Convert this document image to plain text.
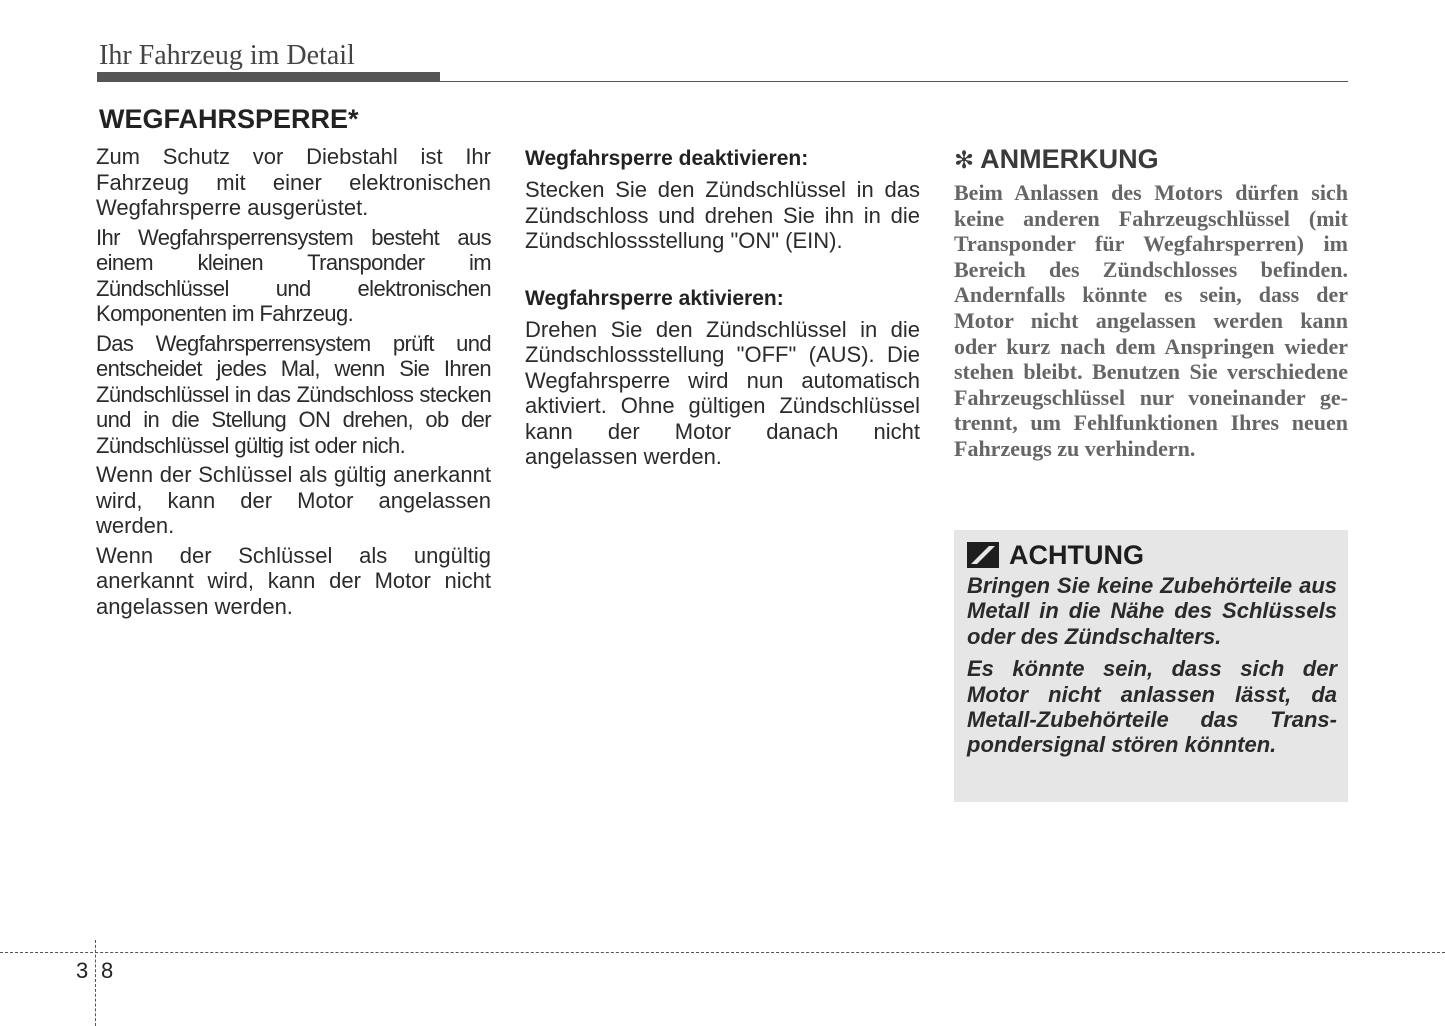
Ihr Fahrzeug im Detail
WEGFAHRSPERRE*

Zum Schutz vor Diebstahl ist Ihr Fahrzeug mit einer elektronischen Wegfahrsperre ausgerüstet.

Ihr Wegfahrsperrensystem besteht aus einem kleinen Transponder im Zündschlüssel und elektronischen Komponenten im Fahrzeug.

Das Wegfahrsperrensystem prüft und entscheidet jedes Mal, wenn Sie Ihren Zündschlüssel in das Zündschloss stecken und in die Stellung ON drehen, ob der Zündschlüssel gültig ist oder nich.

Wenn der Schlüssel als gültig anerkannt wird, kann der Motor angelassen werden.

Wenn der Schlüssel als ungültig anerkannt wird, kann der Motor nicht angelassen werden.

Wegfahrsperre deaktivieren:

Stecken Sie den Zündschlüssel in das Zündschloss und drehen Sie ihn in die Zündschlossstellung "ON" (EIN).

Wegfahrsperre aktivieren:

Drehen Sie den Zündschlüssel in die Zündschlossstellung "OFF" (AUS). Die Wegfahrsperre wird nun automatisch aktiviert. Ohne gültigen Zündschlüssel kann der Motor danach nicht angelassen werden.

✻ ANMERKUNG

Beim Anlassen des Motors dürfen sich keine anderen Fahrzeugschlüssel (mit Transponder für Wegfahrsperren) im Bereich des Zündschlosses befinden. Andernfalls könnte es sein, dass der Motor nicht angelassen werden kann oder kurz nach dem Anspringen wieder stehen bleibt. Benutzen Sie verschiedene Fahrzeugschlüssel nur voneinander getrennt, um Fehlfunktionen Ihres neuen Fahrzeugs zu verhindern.

ACHTUNG

Bringen Sie keine Zubehörteile aus Metall in die Nähe des Schlüssels oder des Zündschalters.

Es könnte sein, dass sich der Motor nicht anlassen lässt, da Metall-Zubehörteile das Transpondersignal stören könnten.

3 8
